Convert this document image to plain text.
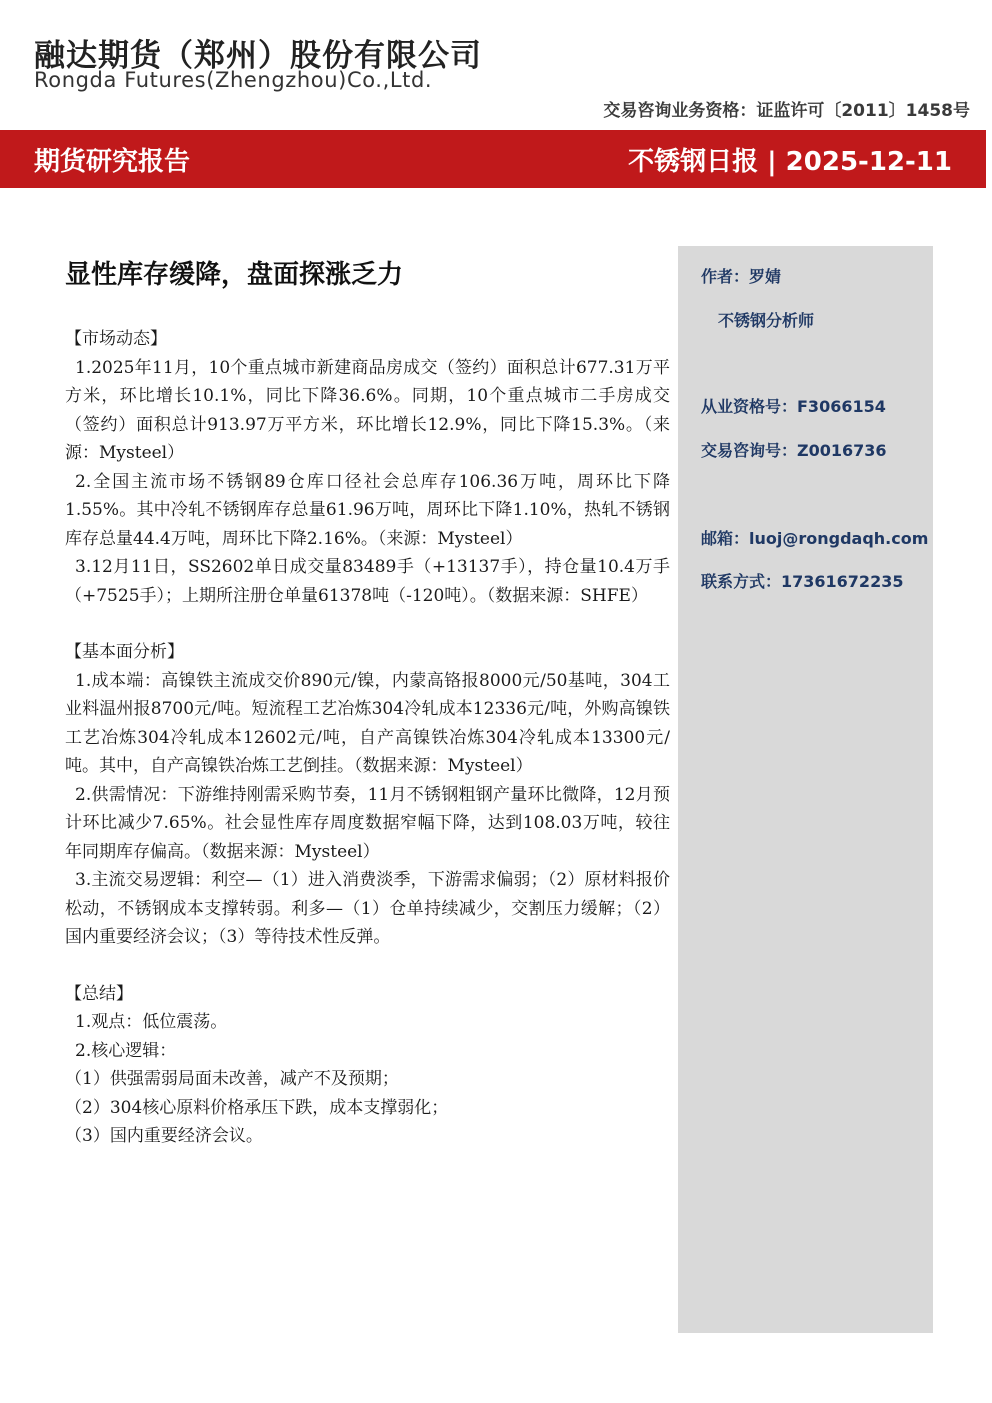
融达期货（郑州）股份有限公司
Rongda Futures(Zhengzhou)Co.,Ltd.
交易咨询业务资格：证监许可〔2011〕1458号
期货研究报告	不锈钢日报 | 2025-12-11
显性库存缓降，盘面探涨乏力
【市场动态】
1.2025年11月，10个重点城市新建商品房成交（签约）面积总计677.31万平方米，环比增长10.1%，同比下降36.6%。同期，10个重点城市二手房成交（签约）面积总计913.97万平方米，环比增长12.9%，同比下降15.3%。（来源：Mysteel）
2.全国主流市场不锈钢89仓库口径社会总库存106.36万吨，周环比下降1.55%。其中冷轧不锈钢库存总量61.96万吨，周环比下降1.10%，热轧不锈钢库存总量44.4万吨，周环比下降2.16%。（来源：Mysteel）
3.12月11日，SS2602单日成交量83489手（+13137手），持仓量10.4万手（+7525手）；上期所注册仓单量61378吨（-120吨）。（数据来源：SHFE）
【基本面分析】
1.成本端：高镍铁主流成交价890元/镍，内蒙高铬报8000元/50基吨，304工业料温州报8700元/吨。短流程工艺冶炼304冷轧成本12336元/吨，外购高镍铁工艺冶炼304冷轧成本12602元/吨，自产高镍铁冶炼304冷轧成本13300元/吨。其中，自产高镍铁冶炼工艺倒挂。（数据来源：Mysteel）
2.供需情况：下游维持刚需采购节奏，11月不锈钢粗钢产量环比微降，12月预计环比减少7.65%。社会显性库存周度数据窄幅下降，达到108.03万吨，较往年同期库存偏高。（数据来源：Mysteel）
3.主流交易逻辑：利空—（1）进入消费淡季，下游需求偏弱；（2）原材料报价松动，不锈钢成本支撑转弱。利多—（1）仓单持续减少，交割压力缓解；（2）国内重要经济会议；（3）等待技术性反弹。
【总结】
1.观点：低位震荡。
2.核心逻辑：
（1）供强需弱局面未改善，减产不及预期；
（2）304核心原料价格承压下跌，成本支撑弱化；
（3）国内重要经济会议。
作者：罗婧
不锈钢分析师
从业资格号：F3066154
交易咨询号：Z0016736
邮箱：luoj@rongdaqh.com
联系方式：17361672235
